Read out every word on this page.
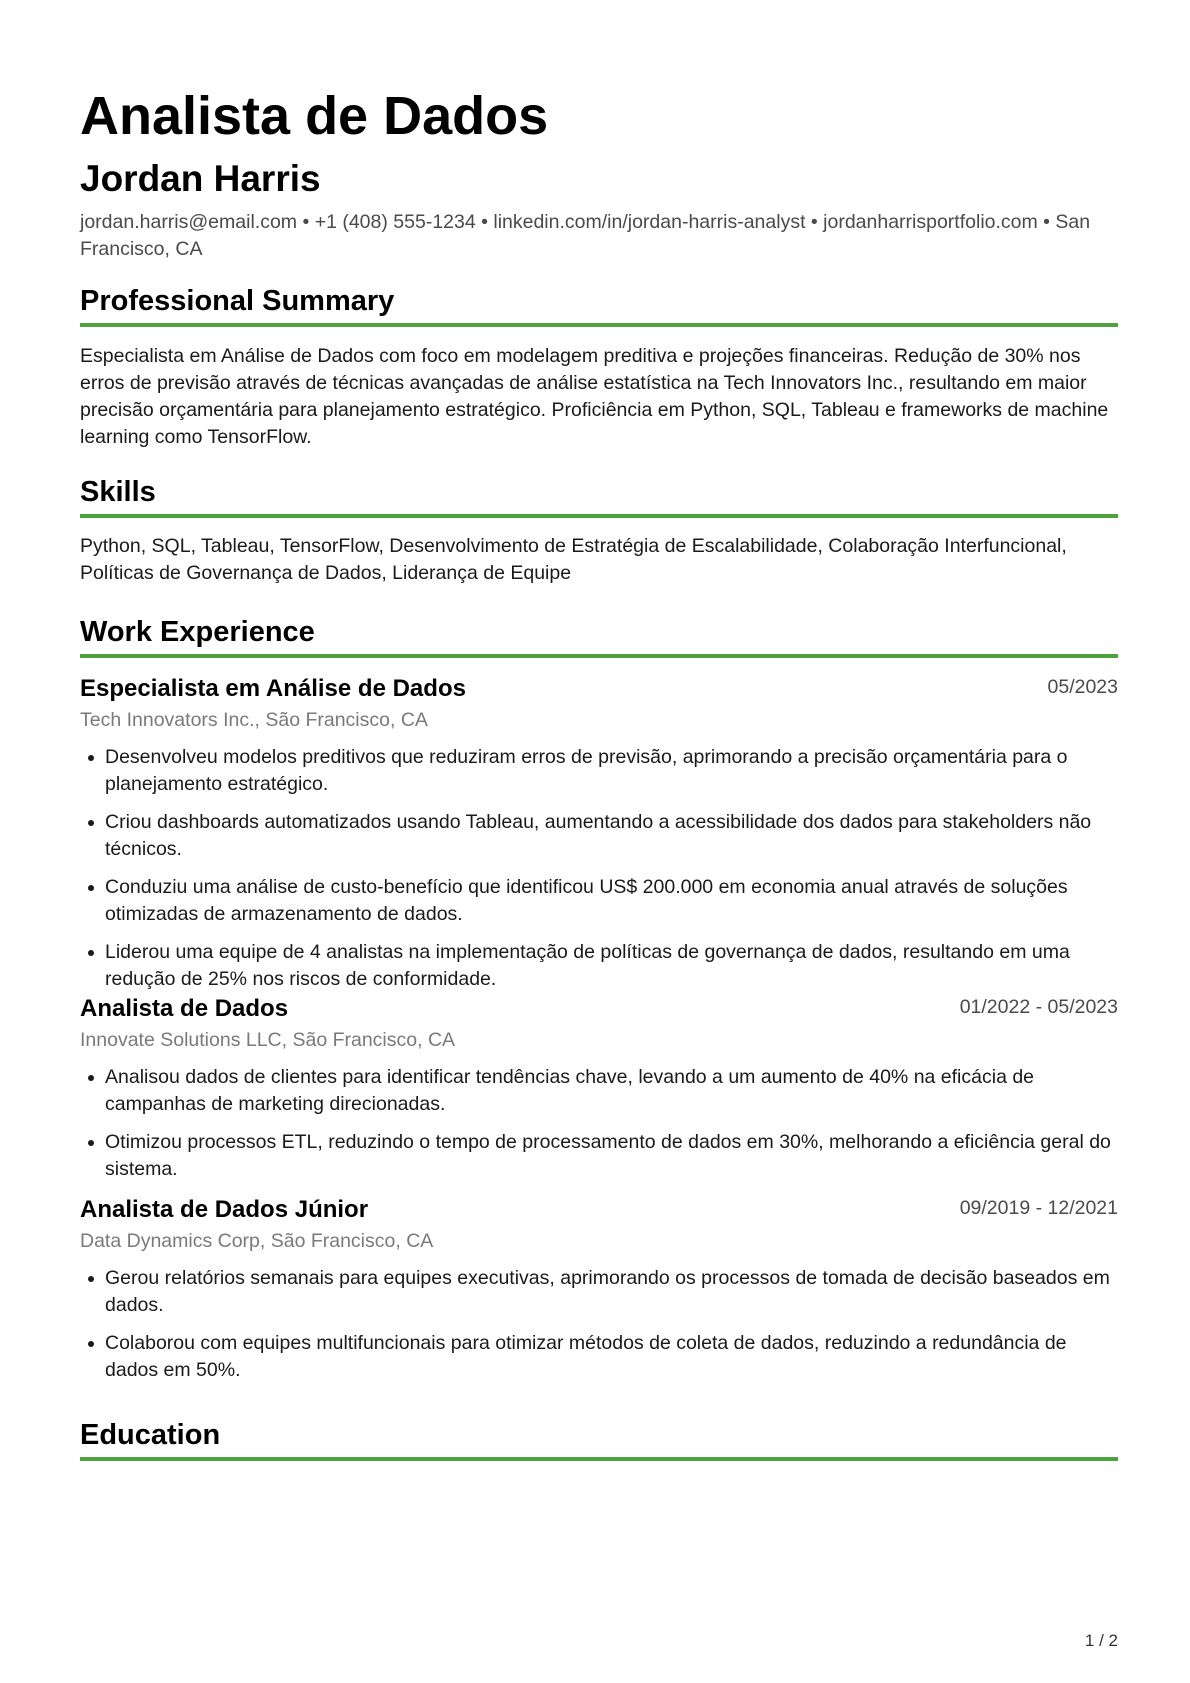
Analista de Dados
Jordan Harris
jordan.harris@email.com • +1 (408) 555-1234 • linkedin.com/in/jordan-harris-analyst • jordanharrisportfolio.com • San Francisco, CA
Professional Summary
Especialista em Análise de Dados com foco em modelagem preditiva e projeções financeiras. Redução de 30% nos erros de previsão através de técnicas avançadas de análise estatística na Tech Innovators Inc., resultando em maior precisão orçamentária para planejamento estratégico. Proficiência em Python, SQL, Tableau e frameworks de machine learning como TensorFlow.
Skills
Python, SQL, Tableau, TensorFlow, Desenvolvimento de Estratégia de Escalabilidade, Colaboração Interfuncional, Políticas de Governança de Dados, Liderança de Equipe
Work Experience
Especialista em Análise de Dados	05/2023
Tech Innovators Inc., São Francisco, CA
Desenvolveu modelos preditivos que reduziram erros de previsão, aprimorando a precisão orçamentária para o planejamento estratégico.
Criou dashboards automatizados usando Tableau, aumentando a acessibilidade dos dados para stakeholders não técnicos.
Conduziu uma análise de custo-benefício que identificou US$ 200.000 em economia anual através de soluções otimizadas de armazenamento de dados.
Liderou uma equipe de 4 analistas na implementação de políticas de governança de dados, resultando em uma redução de 25% nos riscos de conformidade.
Analista de Dados	01/2022 - 05/2023
Innovate Solutions LLC, São Francisco, CA
Analisou dados de clientes para identificar tendências chave, levando a um aumento de 40% na eficácia de campanhas de marketing direcionadas.
Otimizou processos ETL, reduzindo o tempo de processamento de dados em 30%, melhorando a eficiência geral do sistema.
Analista de Dados Júnior	09/2019 - 12/2021
Data Dynamics Corp, São Francisco, CA
Gerou relatórios semanais para equipes executivas, aprimorando os processos de tomada de decisão baseados em dados.
Colaborou com equipes multifuncionais para otimizar métodos de coleta de dados, reduzindo a redundância de dados em 50%.
Education
1 / 2
